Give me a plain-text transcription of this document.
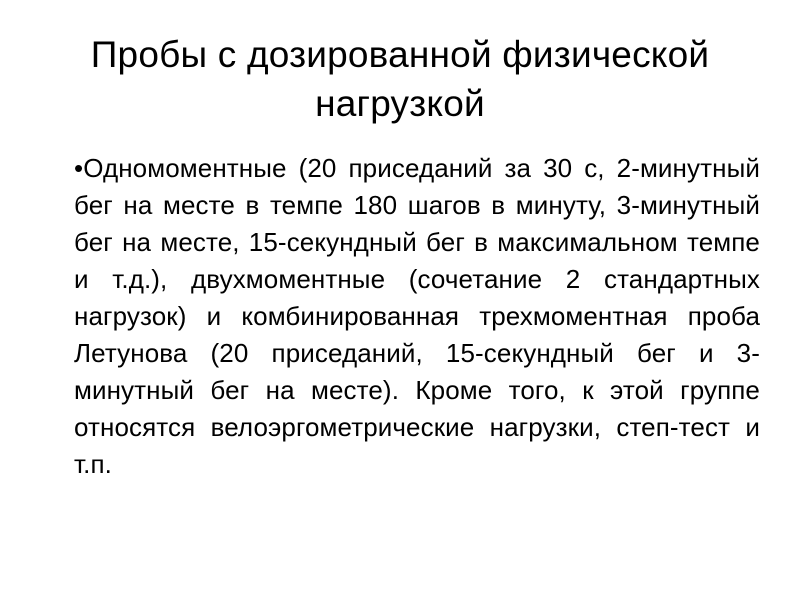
Пробы с дозированной физической нагрузкой

•Одномоментные (20 приседаний за 30 с, 2-минутный бег на месте в темпе 180 шагов в минуту, 3-минутный бег на месте, 15-секундный бег в максимальном темпе и т.д.), двухмоментные (сочетание 2 стандартных нагрузок) и комбинированная трехмоментная проба Летунова (20 приседаний, 15-секундный бег и 3-минутный бег на месте). Кроме того, к этой группе относятся велоэргометрические нагрузки, степ-тест и т.п.
